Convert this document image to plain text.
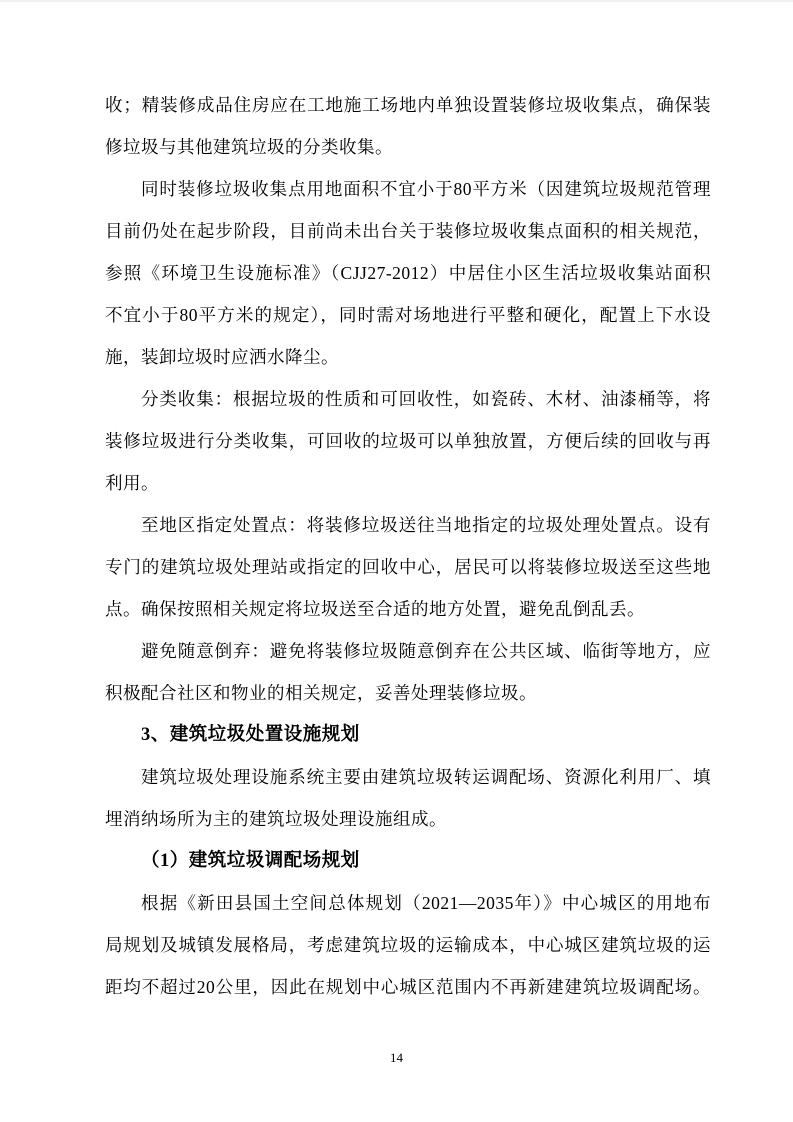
收；精装修成品住房应在工地施工场地内单独设置装修垃圾收集点，确保装
修垃圾与其他建筑垃圾的分类收集。
同时装修垃圾收集点用地面积不宜小于80平方米（因建筑垃圾规范管理
目前仍处在起步阶段，目前尚未出台关于装修垃圾收集点面积的相关规范，
参照《环境卫生设施标准》（CJJ27-2012）中居住小区生活垃圾收集站面积
不宜小于80平方米的规定），同时需对场地进行平整和硬化，配置上下水设
施，装卸垃圾时应洒水降尘。
分类收集：根据垃圾的性质和可回收性，如瓷砖、木材、油漆桶等，将
装修垃圾进行分类收集，可回收的垃圾可以单独放置，方便后续的回收与再
利用。
至地区指定处置点：将装修垃圾送往当地指定的垃圾处理处置点。设有
专门的建筑垃圾处理站或指定的回收中心，居民可以将装修垃圾送至这些地
点。确保按照相关规定将垃圾送至合适的地方处置，避免乱倒乱丢。
避免随意倒弃：避免将装修垃圾随意倒弃在公共区域、临街等地方，应
积极配合社区和物业的相关规定，妥善处理装修垃圾。
3、建筑垃圾处置设施规划
建筑垃圾处理设施系统主要由建筑垃圾转运调配场、资源化利用厂、填
埋消纳场所为主的建筑垃圾处理设施组成。
（1）建筑垃圾调配场规划
根据《新田县国土空间总体规划（2021—2035年）》中心城区的用地布
局规划及城镇发展格局，考虑建筑垃圾的运输成本，中心城区建筑垃圾的运
距均不超过20公里，因此在规划中心城区范围内不再新建建筑垃圾调配场。
14
